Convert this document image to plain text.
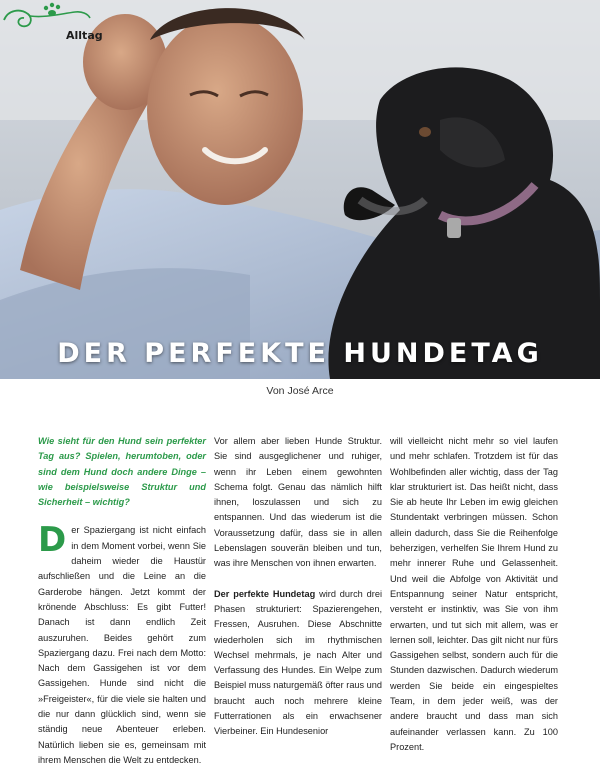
Alltag
DER PERFEKTE HUNDETAG
Von José Arce

Wie sieht für den Hund sein perfekter Tag aus? Spielen, herumtoben, oder sind dem Hund doch andere Dinge – wie beispielsweise Struktur und Sicherheit – wichtig?

Der Spaziergang ist nicht einfach in dem Moment vorbei, wenn Sie daheim wieder die Haustür aufschließen und die Leine an die Garderobe hängen. Jetzt kommt der krönende Abschluss: Es gibt Futter! Danach ist dann endlich Zeit auszuruhen. Beides gehört zum Spaziergang dazu. Frei nach dem Motto: Nach dem Gassigehen ist vor dem Gassigehen. Hunde sind nicht die »Freigeister«, für die viele sie halten und die nur dann glücklich sind, wenn sie ständig neue Abenteuer erleben. Natürlich lieben sie es, gemeinsam mit ihrem Menschen die Welt zu entdecken.

Vor allem aber lieben Hunde Struktur. Sie sind ausgeglichener und ruhiger, wenn ihr Leben einem gewohnten Schema folgt. Genau das nämlich hilft ihnen, loszulassen und sich zu entspannen. Und das wiederum ist die Voraussetzung dafür, dass sie in allen Lebenslagen souverän bleiben und tun, was ihre Menschen von ihnen erwarten.

Der perfekte Hundetag wird durch drei Phasen strukturiert: Spazierengehen, Fressen, Ausruhen. Diese Abschnitte wiederholen sich im rhythmischen Wechsel mehrmals, je nach Alter und Verfassung des Hundes. Ein Welpe zum Beispiel muss naturgemäß öfter raus und braucht auch noch mehrere kleine Futterrationen als ein erwachsener Vierbeiner. Ein Hundesenior

will vielleicht nicht mehr so viel laufen und mehr schlafen. Trotzdem ist für das Wohlbefinden aller wichtig, dass der Tag klar strukturiert ist. Das heißt nicht, dass Sie ab heute Ihr Leben im ewig gleichen Stundentakt verbringen müssen. Schon allein dadurch, dass Sie die Reihenfolge beherzigen, verhelfen Sie Ihrem Hund zu mehr innerer Ruhe und Gelassenheit. Und weil die Abfolge von Aktivität und Entspannung seiner Natur entspricht, versteht er instinktiv, was Sie von ihm erwarten, und tut sich mit allem, was er lernen soll, leichter. Das gilt nicht nur fürs Gassigehen selbst, sondern auch für die Stunden dazwischen. Dadurch wiederum werden Sie beide ein eingespieltes Team, in dem jeder weiß, was der andere braucht und dass man sich aufeinander verlassen kann. Zu 100 Prozent.
